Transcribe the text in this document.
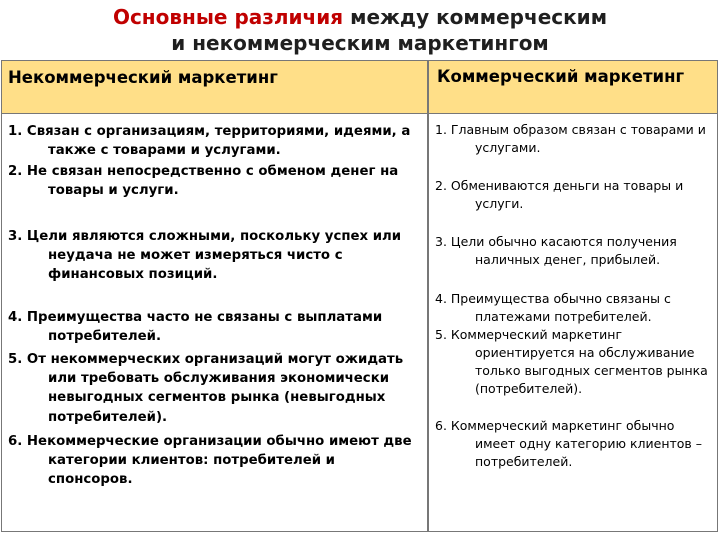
Основные различия между коммерческим
и некоммерческим маркетингом
Некоммерческий маркетинг	Коммерческий маркетинг
1. Связан с организациям, территориями, идеями, а также с товарами и услугами.
2. Не связан непосредственно с обменом денег на товары и услуги.
3. Цели являются сложными, поскольку успех или неудача не может измеряться чисто с финансовых позиций.
4. Преимущества часто не связаны с выплатами потребителей.
5. От некоммерческих организаций могут ожидать или требовать обслуживания экономически невыгодных сегментов рынка (невыгодных потребителей).
6. Некоммерческие организации обычно имеют две категории клиентов: потребителей и спонсоров.
1. Главным образом связан с товарами и услугами.
2. Обмениваются деньги на товары и услуги.
3. Цели обычно касаются получения наличных денег, прибылей.
4. Преимущества обычно связаны с платежами потребителей.
5. Коммерческий маркетинг ориентируется на обслуживание только выгодных сегментов рынка (потребителей).
6. Коммерческий маркетинг обычно имеет одну категорию клиентов – потребителей.
